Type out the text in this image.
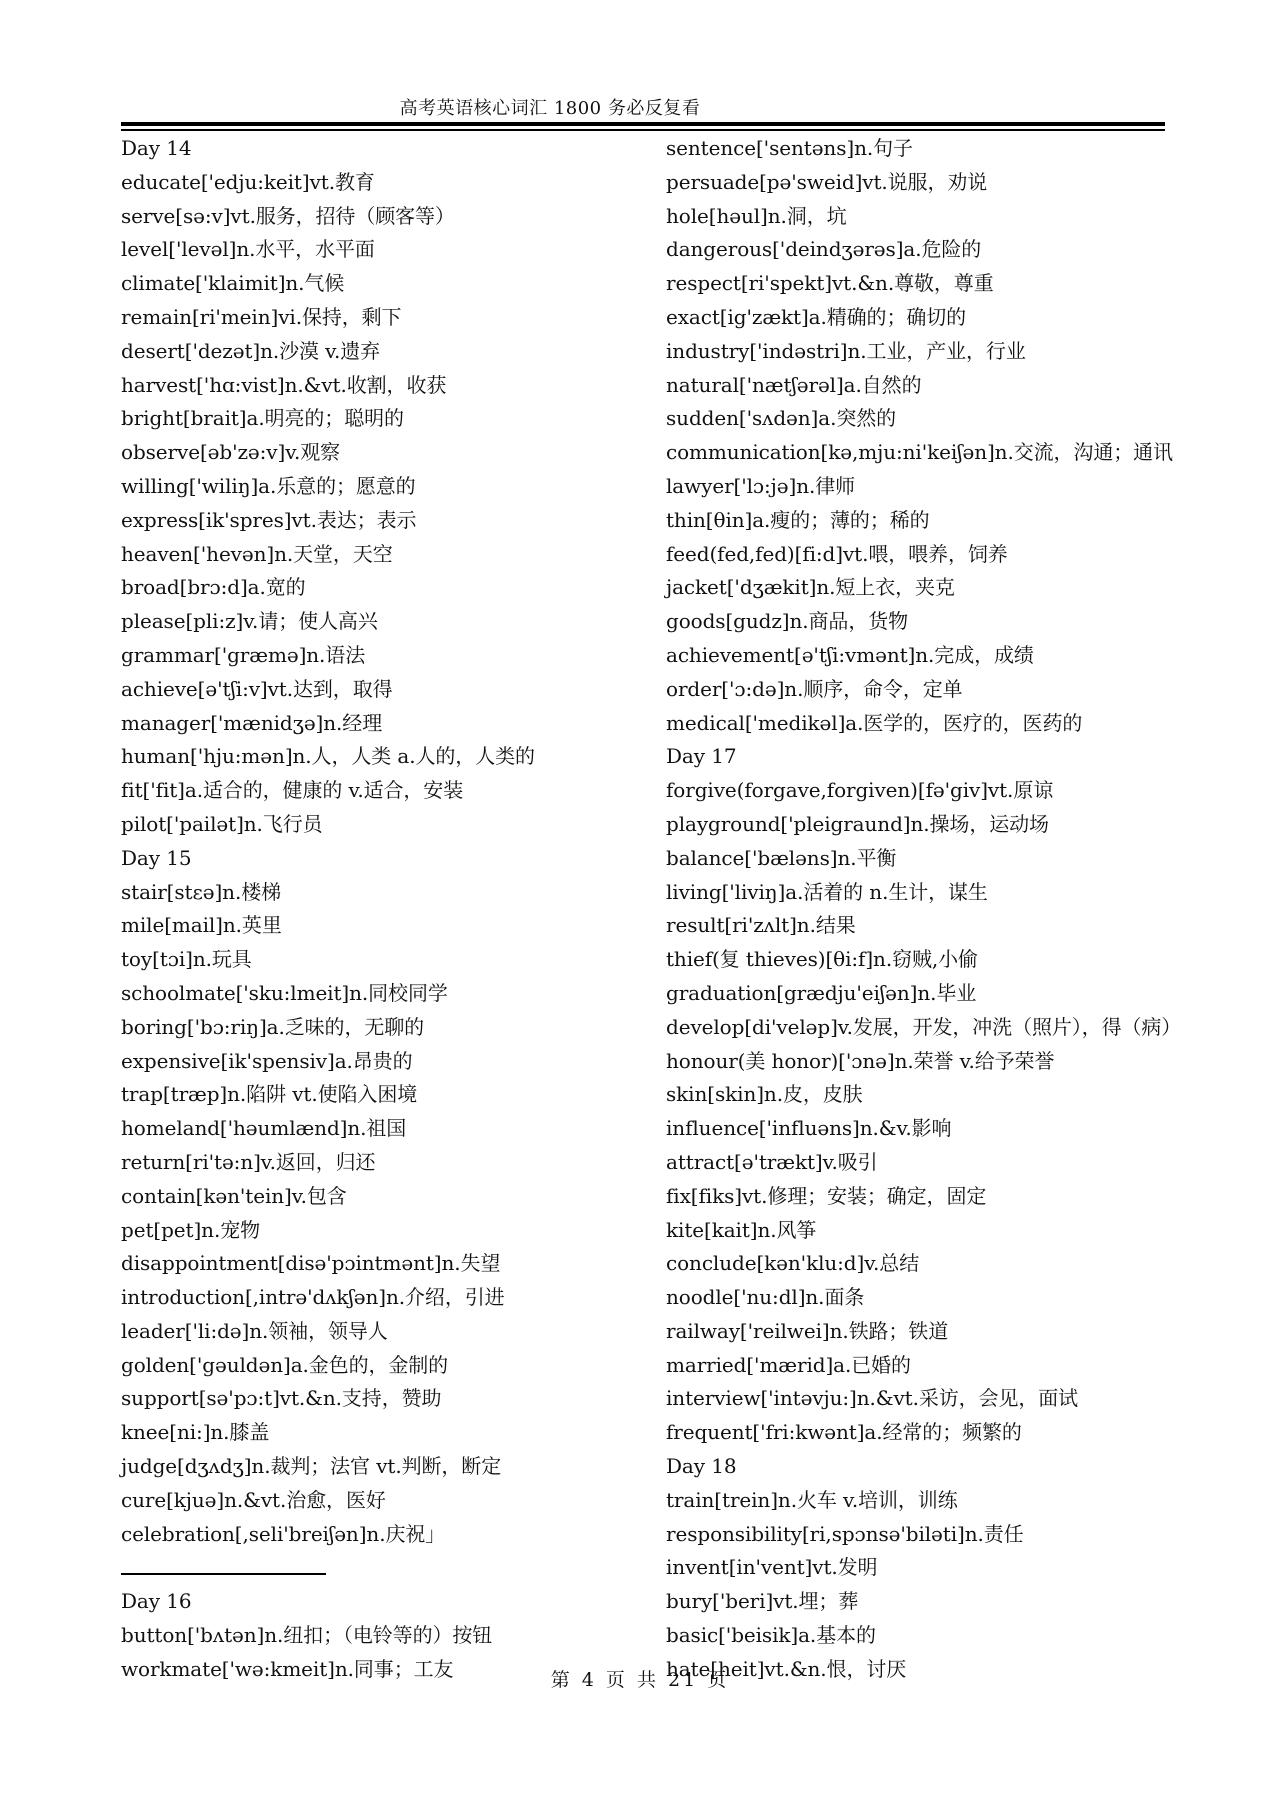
高考英语核心词汇 1800 务必反复看
Day 14
educate['edju:keit]vt.教育
serve[sə:v]vt.服务，招待（顾客等）
level['levəl]n.水平，水平面
climate['klaimit]n.气候
remain[ri'mein]vi.保持，剩下
desert['dezət]n.沙漠 v.遗弃
harvest['hɑ:vist]n.&vt.收割，收获
bright[brait]a.明亮的；聪明的
observe[əb'zə:v]v.观察
willing['wiliŋ]a.乐意的；愿意的
express[ik'spres]vt.表达；表示
heaven['hevən]n.天堂，天空
broad[brɔ:d]a.宽的
please[pli:z]v.请；使人高兴
grammar['græmə]n.语法
achieve[ə'tʃi:v]vt.达到，取得
manager['mænidʒə]n.经理
human['hju:mən]n.人，人类 a.人的，人类的
fit['fit]a.适合的，健康的 v.适合，安装
pilot['pailət]n.飞行员
Day 15
stair[stεə]n.楼梯
mile[mail]n.英里
toy[tɔi]n.玩具
schoolmate['sku:lmeit]n.同校同学
boring['bɔ:riŋ]a.乏味的，无聊的
expensive[ik'spensiv]a.昂贵的
trap[træp]n.陷阱 vt.使陷入困境
homeland['həumlænd]n.祖国
return[ri'tə:n]v.返回，归还
contain[kən'tein]v.包含
pet[pet]n.宠物
disappointment[disə'pɔintmənt]n.失望
introduction[,intrə'dʌkʃən]n.介绍，引进
leader['li:də]n.领袖，领导人
golden['gəuldən]a.金色的，金制的
support[sə'pɔ:t]vt.&n.支持，赞助
knee[ni:]n.膝盖
judge[dʒʌdʒ]n.裁判；法官 vt.判断，断定
cure[kjuə]n.&vt.治愈，医好
celebration[,seli'breiʃən]n.庆祝」
Day 16
button['bʌtən]n.纽扣；（电铃等的）按钮
workmate['wə:kmeit]n.同事；工友
sentence['sentəns]n.句子
persuade[pə'sweid]vt.说服，劝说
hole[həul]n.洞，坑
dangerous['deindʒərəs]a.危险的
respect[ri'spekt]vt.&n.尊敬，尊重
exact[ig'zækt]a.精确的；确切的
industry['indəstri]n.工业，产业，行业
natural['nætʃərəl]a.自然的
sudden['sʌdən]a.突然的
communication[kə,mju:ni'keiʃən]n.交流，沟通；通讯
lawyer['lɔ:jə]n.律师
thin[θin]a.瘦的；薄的；稀的
feed(fed,fed)[fi:d]vt.喂，喂养，饲养
jacket['dʒækit]n.短上衣，夹克
goods[gudz]n.商品，货物
achievement[ə'tʃi:vmənt]n.完成，成绩
order['ɔ:də]n.顺序，命令，定单
medical['medikəl]a.医学的，医疗的，医药的
Day 17
forgive(forgave,forgiven)[fə'giv]vt.原谅
playground['pleigraund]n.操场，运动场
balance['bæləns]n.平衡
living['liviŋ]a.活着的 n.生计，谋生
result[ri'zʌlt]n.结果
thief(复 thieves)[θi:f]n.窃贼,小偷
graduation[grædju'eiʃən]n.毕业
develop[di'veləp]v.发展，开发，冲洗（照片），得（病）
honour(美 honor)['ɔnə]n.荣誉 v.给予荣誉
skin[skin]n.皮，皮肤
influence['influəns]n.&v.影响
attract[ə'trækt]v.吸引
fix[fiks]vt.修理；安装；确定，固定
kite[kait]n.风筝
conclude[kən'klu:d]v.总结
noodle['nu:dl]n.面条
railway['reilwei]n.铁路；铁道
married['mærid]a.已婚的
interview['intəvju:]n.&vt.采访，会见，面试
frequent['fri:kwənt]a.经常的；频繁的
Day 18
train[trein]n.火车 v.培训，训练
responsibility[ri,spɔnsə'biləti]n.责任
invent[in'vent]vt.发明
bury['beri]vt.埋；葬
basic['beisik]a.基本的
hate[heit]vt.&n.恨，讨厌
第 4 页 共 21 页
